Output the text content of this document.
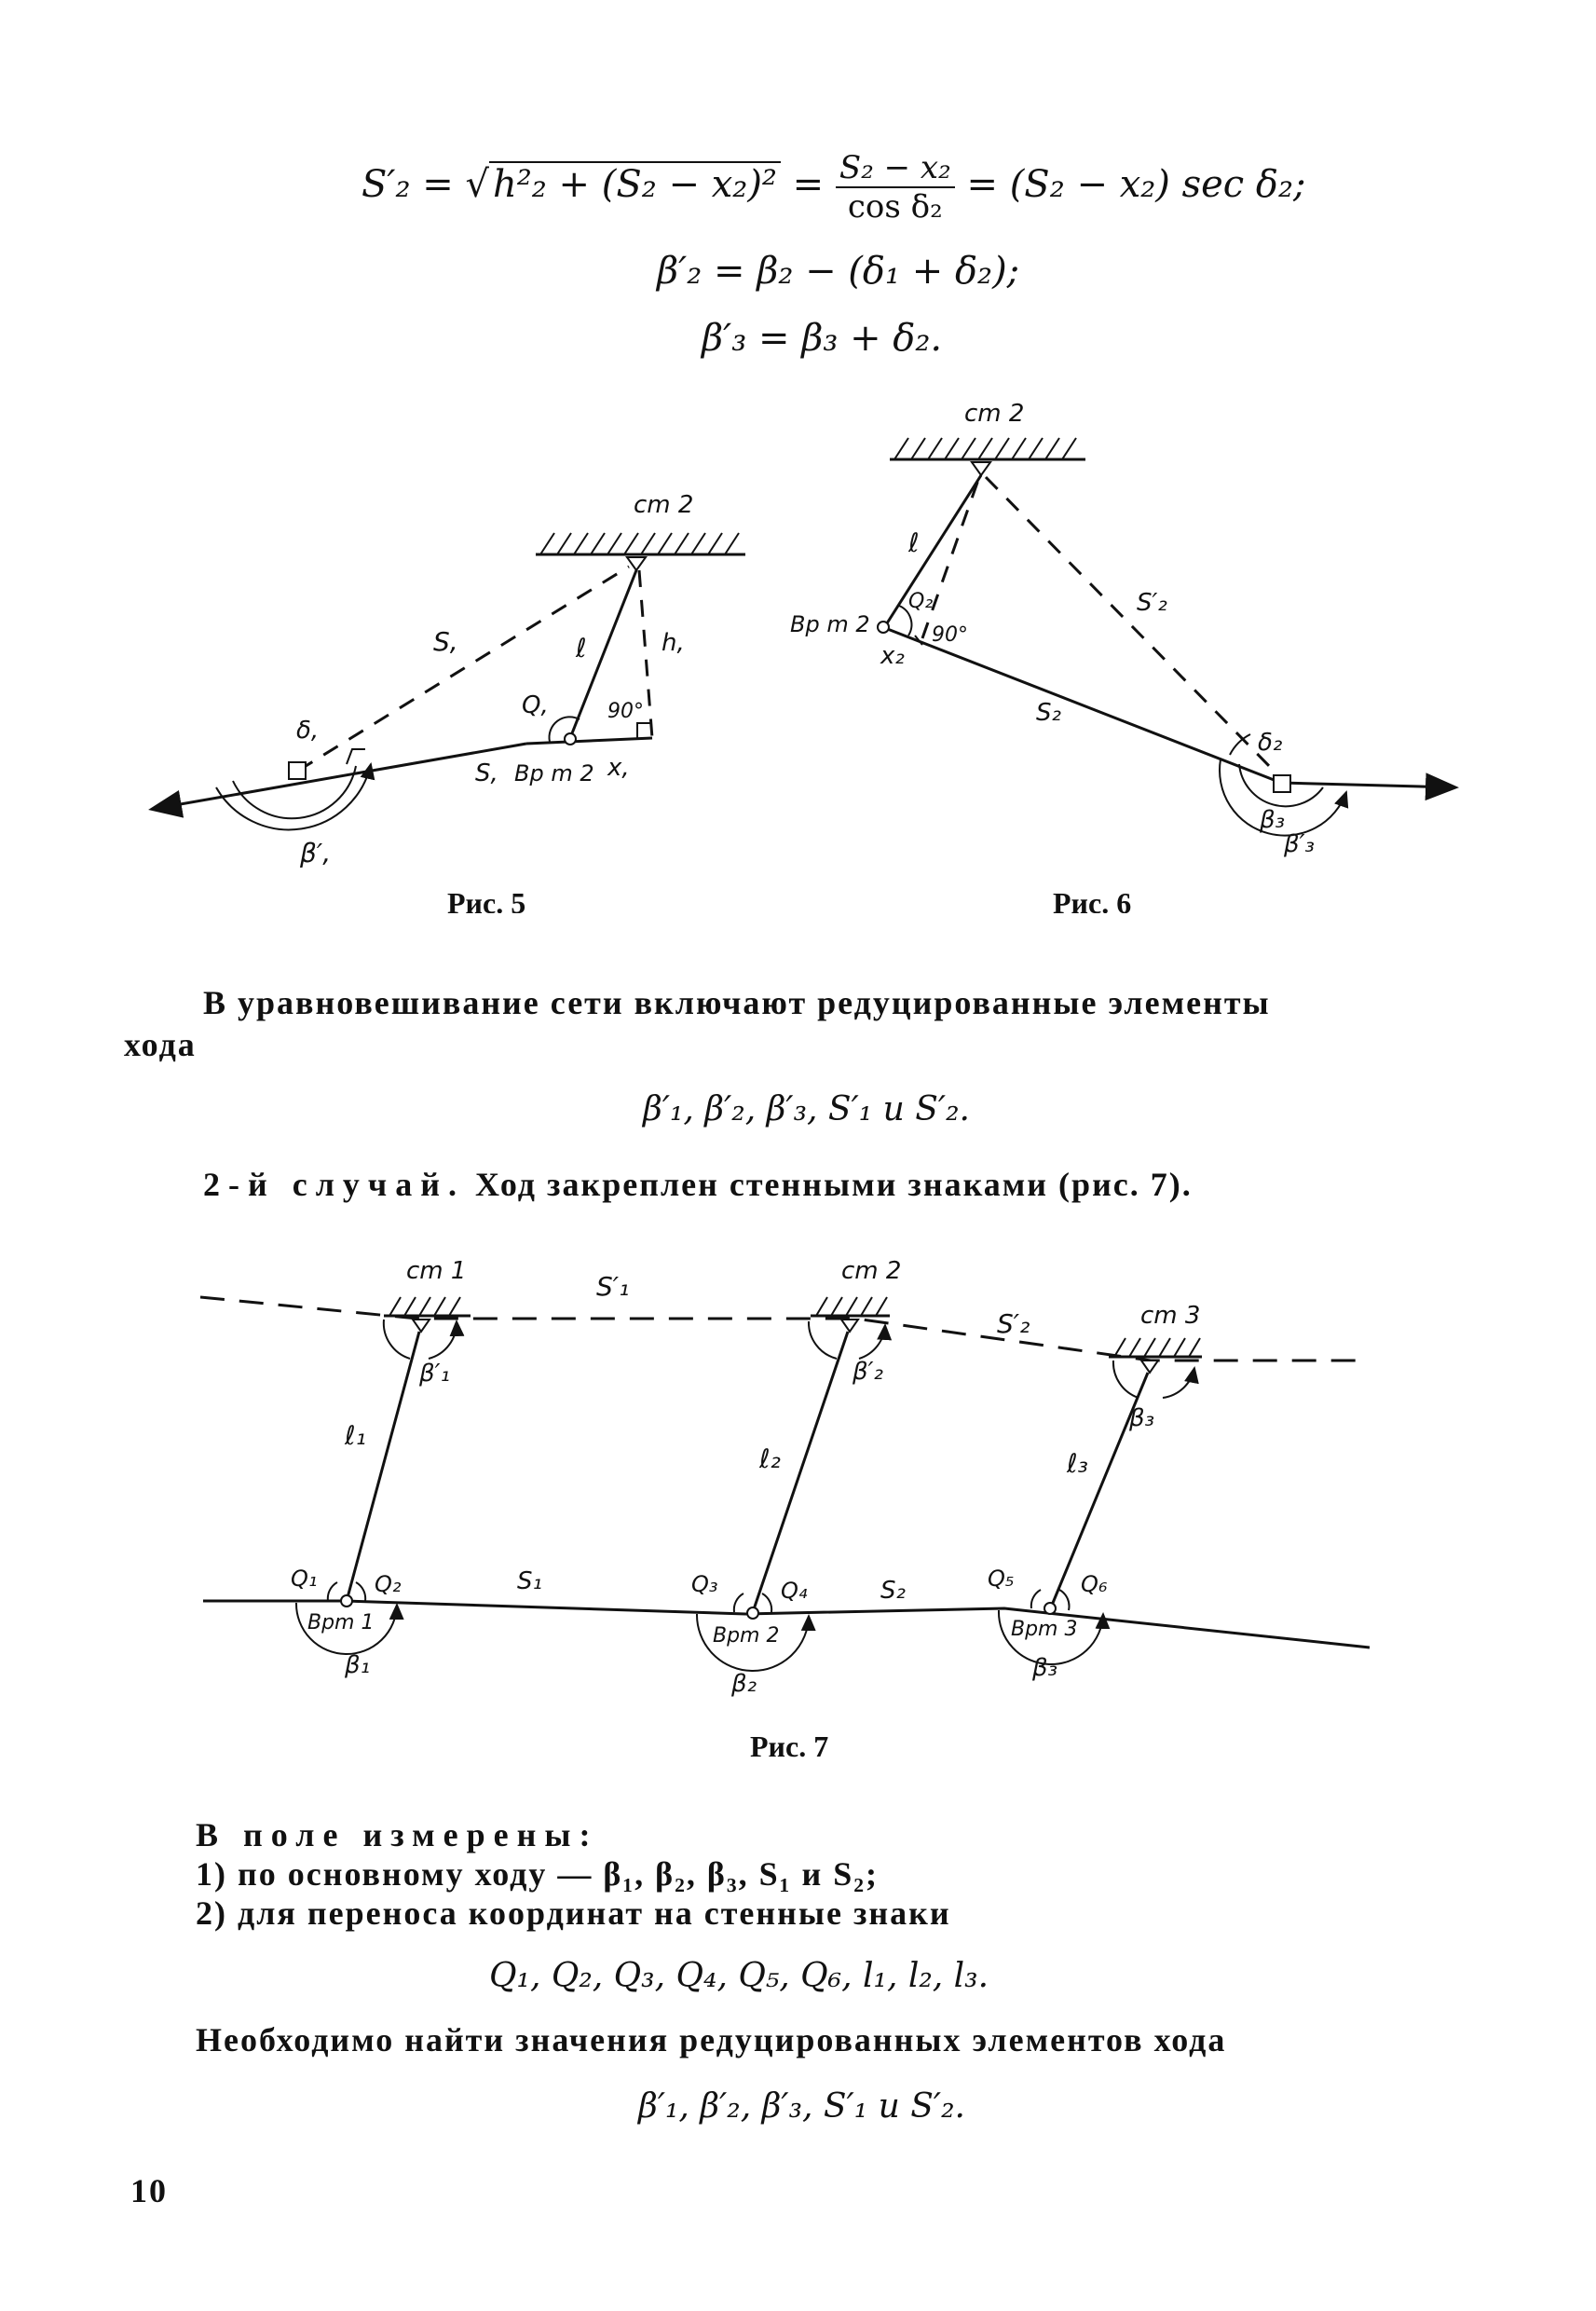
S′₂ = √ $h^2_2 + (S_2 - x_2)^2 = \frac{\text{S₂ − x₂}}{\text{cos δ₂}} = (S_2 - x_2)$ sec δ₂;
β′₂ = β₂ − (δ₁ + δ₂);
β′₃ = β₃ + δ₂.
cm 2
S,	ℓ	h,
Q,	90°
δ,
S, Bp m 2 x,
β′,
Рис. 5
cm 2
ℓ
Q₂
90°
Bp m 2
x₂
S′₂
S₂
δ₂
β₃
β′₃
Рис. 6
В уравновешивание сети включают редуцированные элементы
хода
β′₁, β′₂, β′₃, S′₁ и S′₂.
2-й случай. Ход закреплен стенными знаками (рис. 7).
cm 1	cm 2
cm 3
S′₁
S′₂
β′₁	β′₂
β₃
ℓ₁
ℓ₂	ℓ₃
Q₁	Q₂	Q₃	Q₄	Q₅	Q₆
S₁	S₂
Bpm 1
Bpm 2	Bpm 3
β₁
β₂
β₃
Рис. 7
В поле измерены:
1) по основному ходу — β₁, β₂, β₃, S₁ и S₂;
2) для переноса координат на стенные знаки
Q₁, Q₂, Q₃, Q₄, Q₅, Q₆, l₁, l₂, l₃.
Необходимо найти значения редуцированных элементов хода
β′₁, β′₂, β′₃, S′₁ и S′₂.
10
